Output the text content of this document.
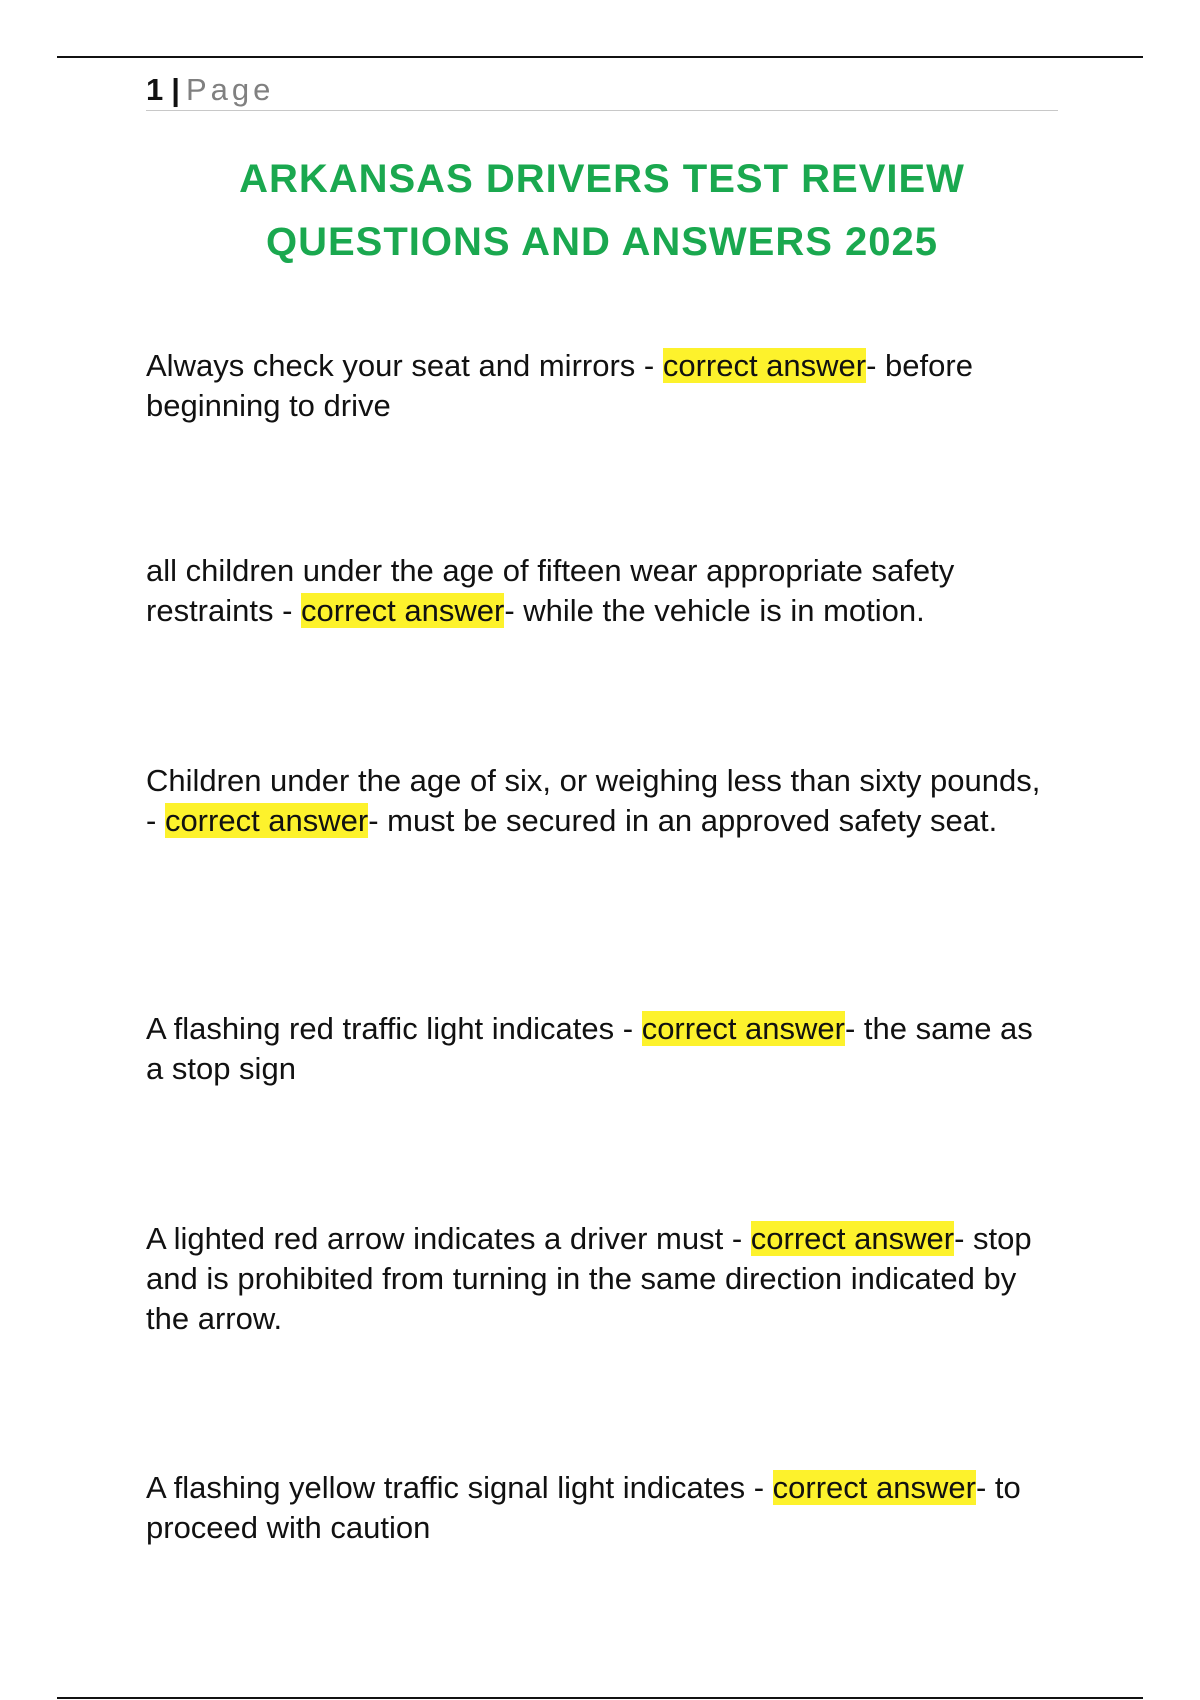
1 | Page
ARKANSAS DRIVERS TEST REVIEW
QUESTIONS AND ANSWERS 2025
Always check your seat and mirrors - correct answer- before beginning to drive
all children under the age of fifteen wear appropriate safety restraints - correct answer- while the vehicle is in motion.
Children under the age of six, or weighing less than sixty pounds, - correct answer- must be secured in an approved safety seat.
A flashing red traffic light indicates - correct answer- the same as a stop sign
A lighted red arrow indicates a driver must - correct answer- stop and is prohibited from turning in the same direction indicated by the arrow.
A flashing yellow traffic signal light indicates - correct answer- to proceed with caution
